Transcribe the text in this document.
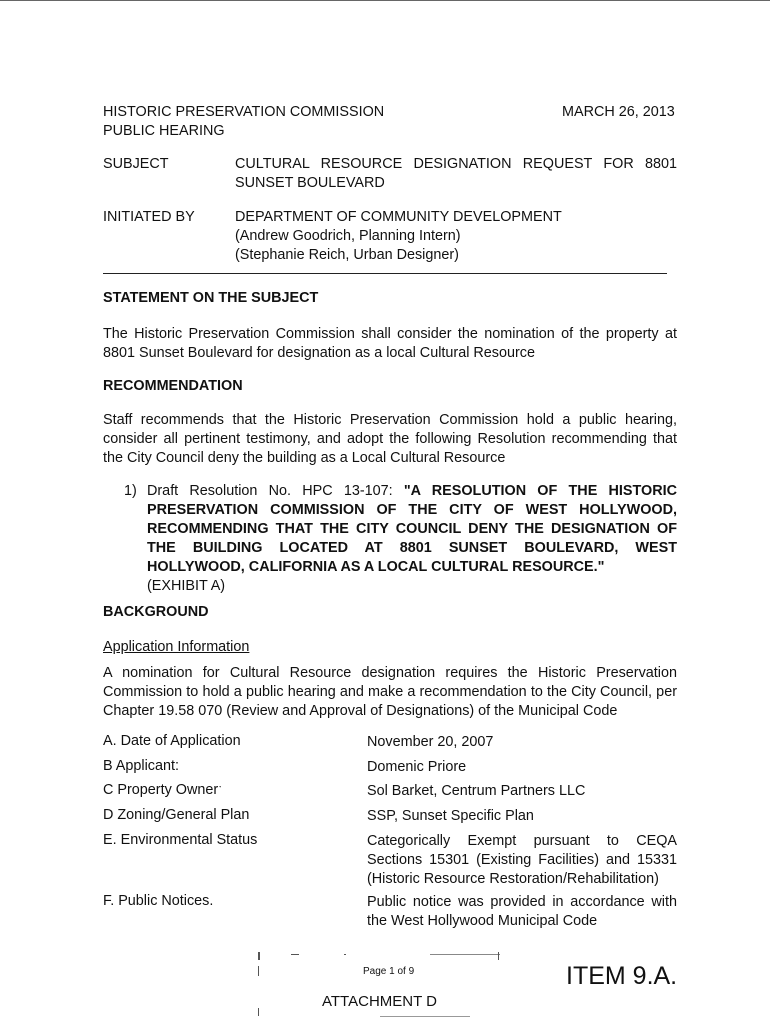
HISTORIC PRESERVATION COMMISSION
PUBLIC HEARING
MARCH 26, 2013
SUBJECT	CULTURAL RESOURCE DESIGNATION REQUEST FOR 8801
SUNSET BOULEVARD
INITIATED BY	DEPARTMENT OF COMMUNITY DEVELOPMENT
(Andrew Goodrich, Planning Intern)
(Stephanie Reich, Urban Designer)
STATEMENT ON THE SUBJECT
The Historic Preservation Commission shall consider the nomination of the property at 8801 Sunset Boulevard for designation as a local Cultural Resource
RECOMMENDATION
Staff recommends that the Historic Preservation Commission hold a public hearing, consider all pertinent testimony, and adopt the following Resolution recommending that the City Council deny the building as a Local Cultural Resource
1) Draft Resolution No. HPC 13-107: "A RESOLUTION OF THE HISTORIC PRESERVATION COMMISSION OF THE CITY OF WEST HOLLYWOOD, RECOMMENDING THAT THE CITY COUNCIL DENY THE DESIGNATION OF THE BUILDING LOCATED AT 8801 SUNSET BOULEVARD, WEST HOLLYWOOD, CALIFORNIA AS A LOCAL CULTURAL RESOURCE."
(EXHIBIT A)
BACKGROUND
Application Information
A nomination for Cultural Resource designation requires the Historic Preservation Commission to hold a public hearing and make a recommendation to the City Council, per Chapter 19.58 070 (Review and Approval of Designations) of the Municipal Code
A. Date of Application	November 20, 2007
B Applicant:	Domenic Priore
C Property Ownerˑ	Sol Barket, Centrum Partners LLC
D Zoning/General Plan	SSP, Sunset Specific Plan
E. Environmental Status	Categorically Exempt pursuant to CEQA Sections 15301 (Existing Facilities) and 15331 (Historic Resource Restoration/Rehabilitation)
F. Public Notices.	Public notice was provided in accordance with the West Hollywood Municipal Code
Page 1 of 9	ITEM 9.A.
ATTACHMENT D
